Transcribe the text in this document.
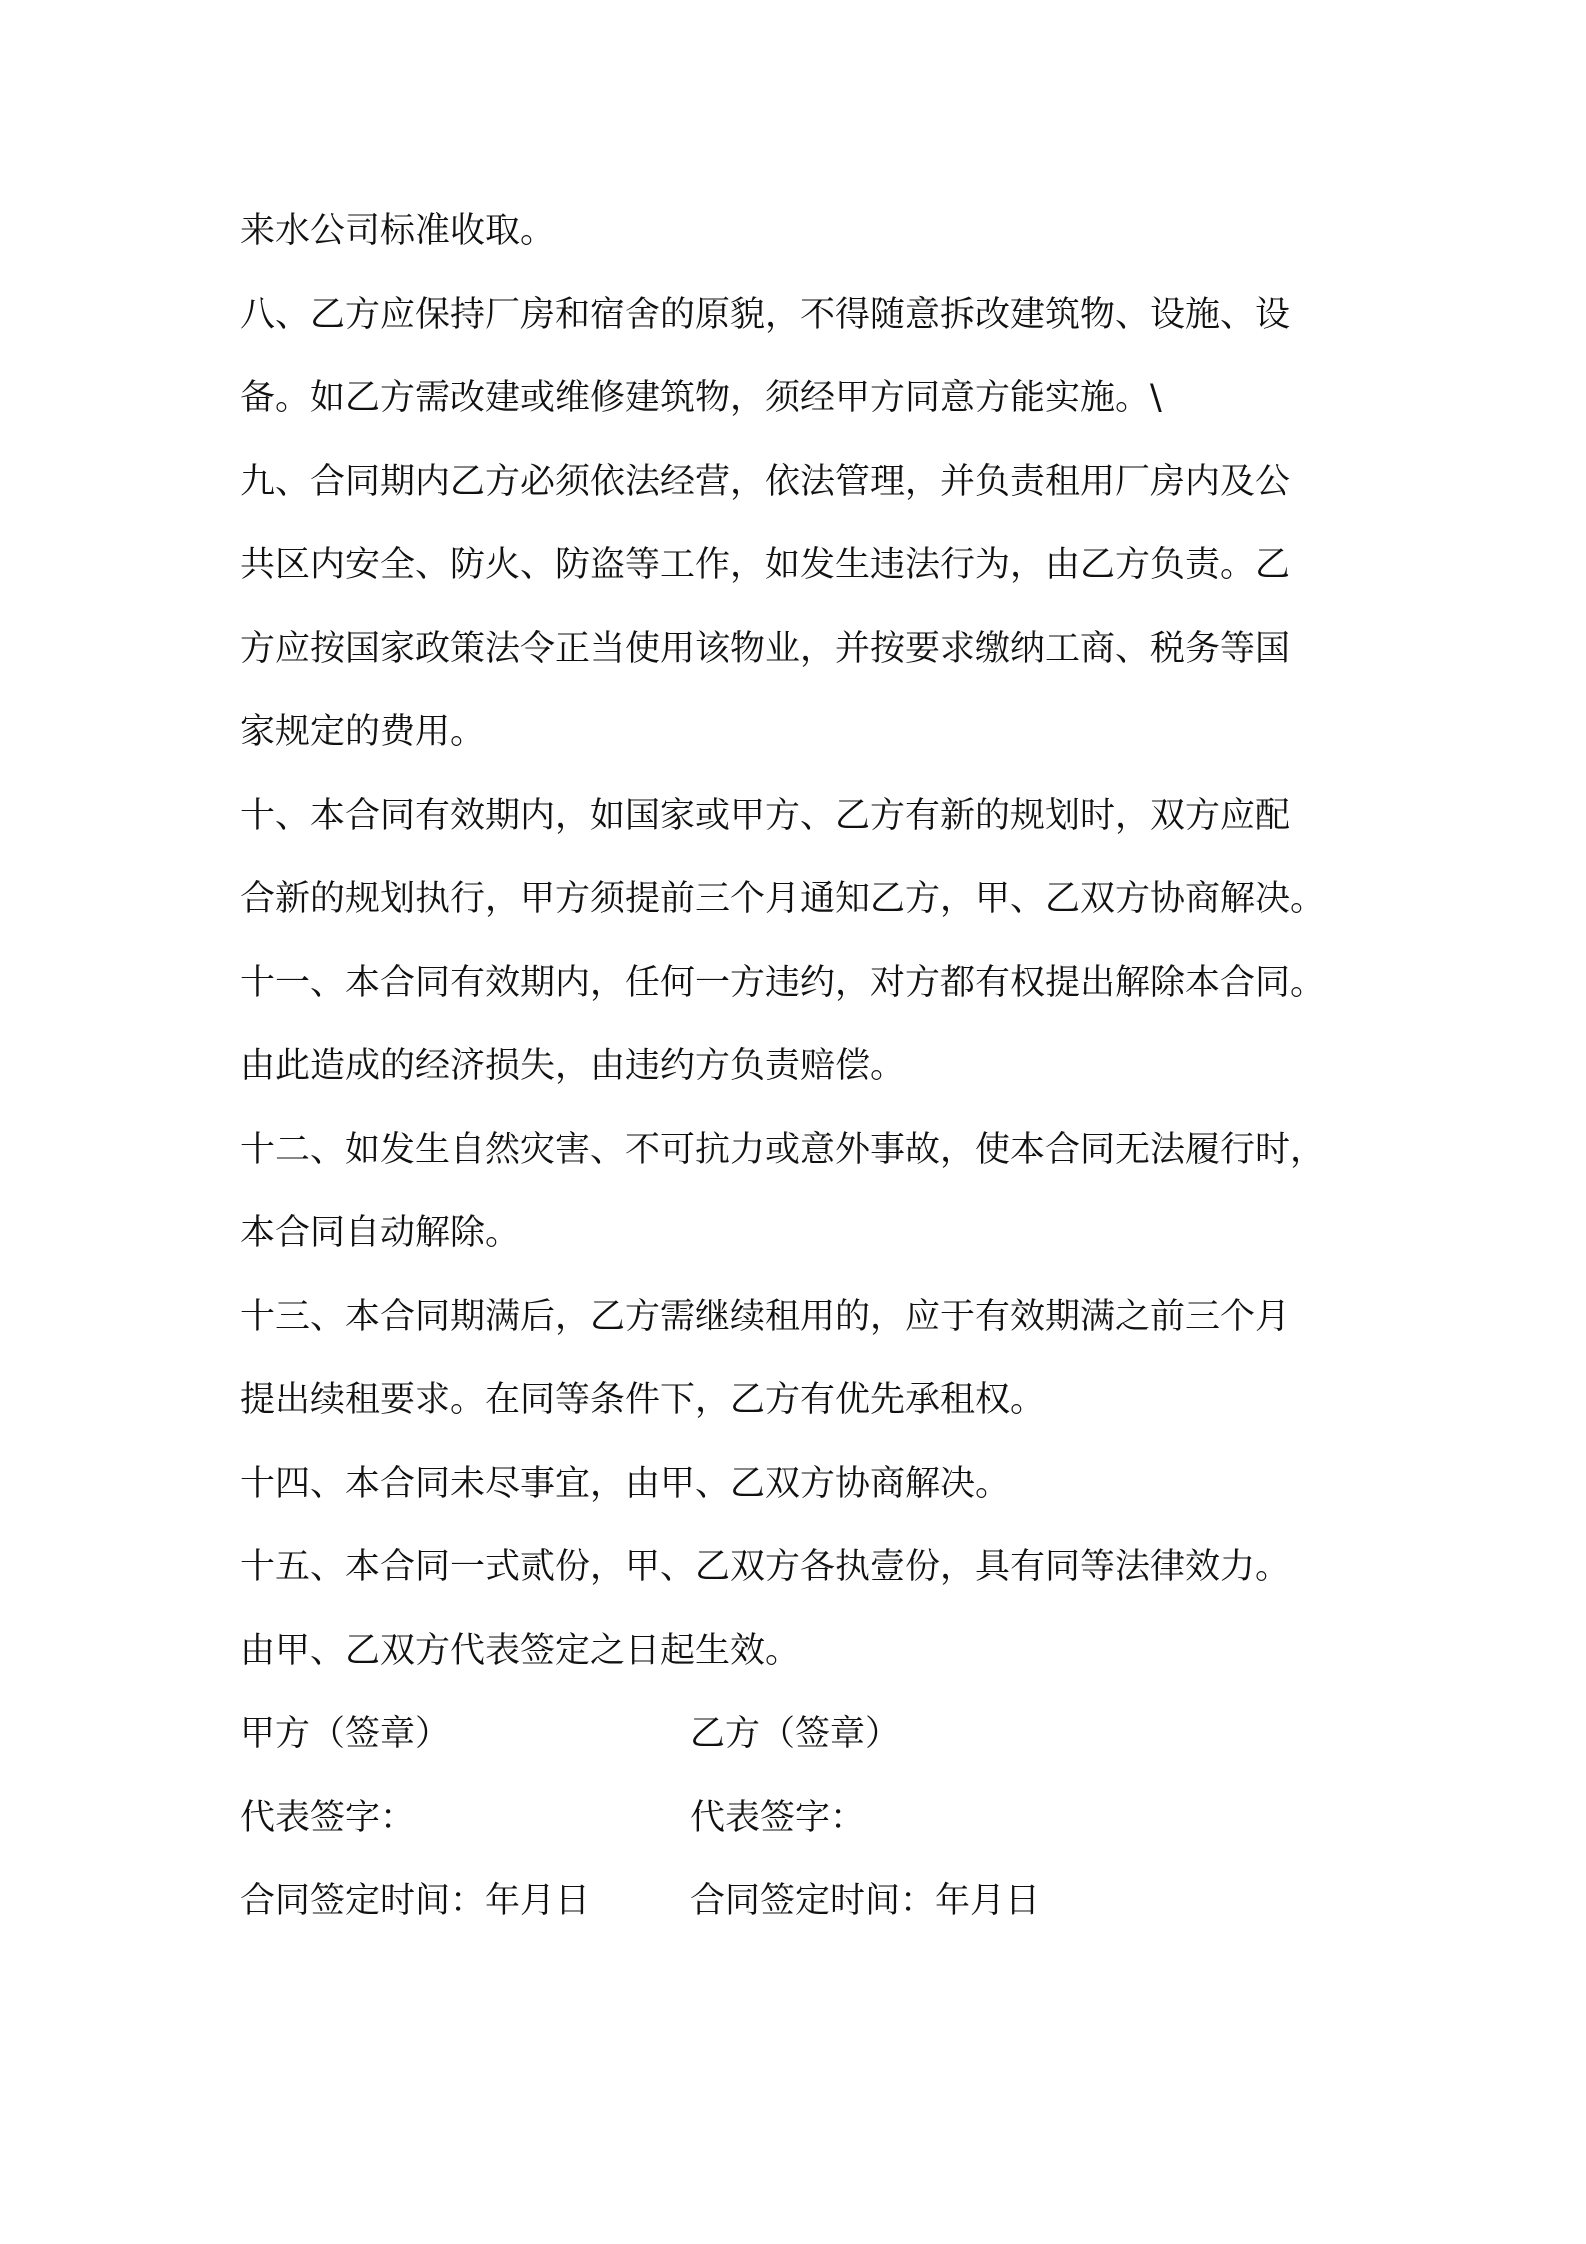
来水公司标准收取。
八、乙方应保持厂房和宿舍的原貌，不得随意拆改建筑物、设施、设
备。如乙方需改建或维修建筑物，须经甲方同意方能实施。\
九、合同期内乙方必须依法经营，依法管理，并负责租用厂房内及公
共区内安全、防火、防盗等工作，如发生违法行为，由乙方负责。乙
方应按国家政策法令正当使用该物业，并按要求缴纳工商、税务等国
家规定的费用。
十、本合同有效期内，如国家或甲方、乙方有新的规划时，双方应配
合新的规划执行，甲方须提前三个月通知乙方，甲、乙双方协商解决。
十一、本合同有效期内，任何一方违约，对方都有权提出解除本合同。
由此造成的经济损失，由违约方负责赔偿。
十二、如发生自然灾害、不可抗力或意外事故，使本合同无法履行时，
本合同自动解除。
十三、本合同期满后，乙方需继续租用的，应于有效期满之前三个月
提出续租要求。在同等条件下，乙方有优先承租权。
十四、本合同未尽事宜，由甲、乙双方协商解决。
十五、本合同一式贰份，甲、乙双方各执壹份，具有同等法律效力。
由甲、乙双方代表签定之日起生效。
甲方（签章）	乙方（签章）
代表签字：	代表签字：
合同签定时间：年月日	合同签定时间：年月日
